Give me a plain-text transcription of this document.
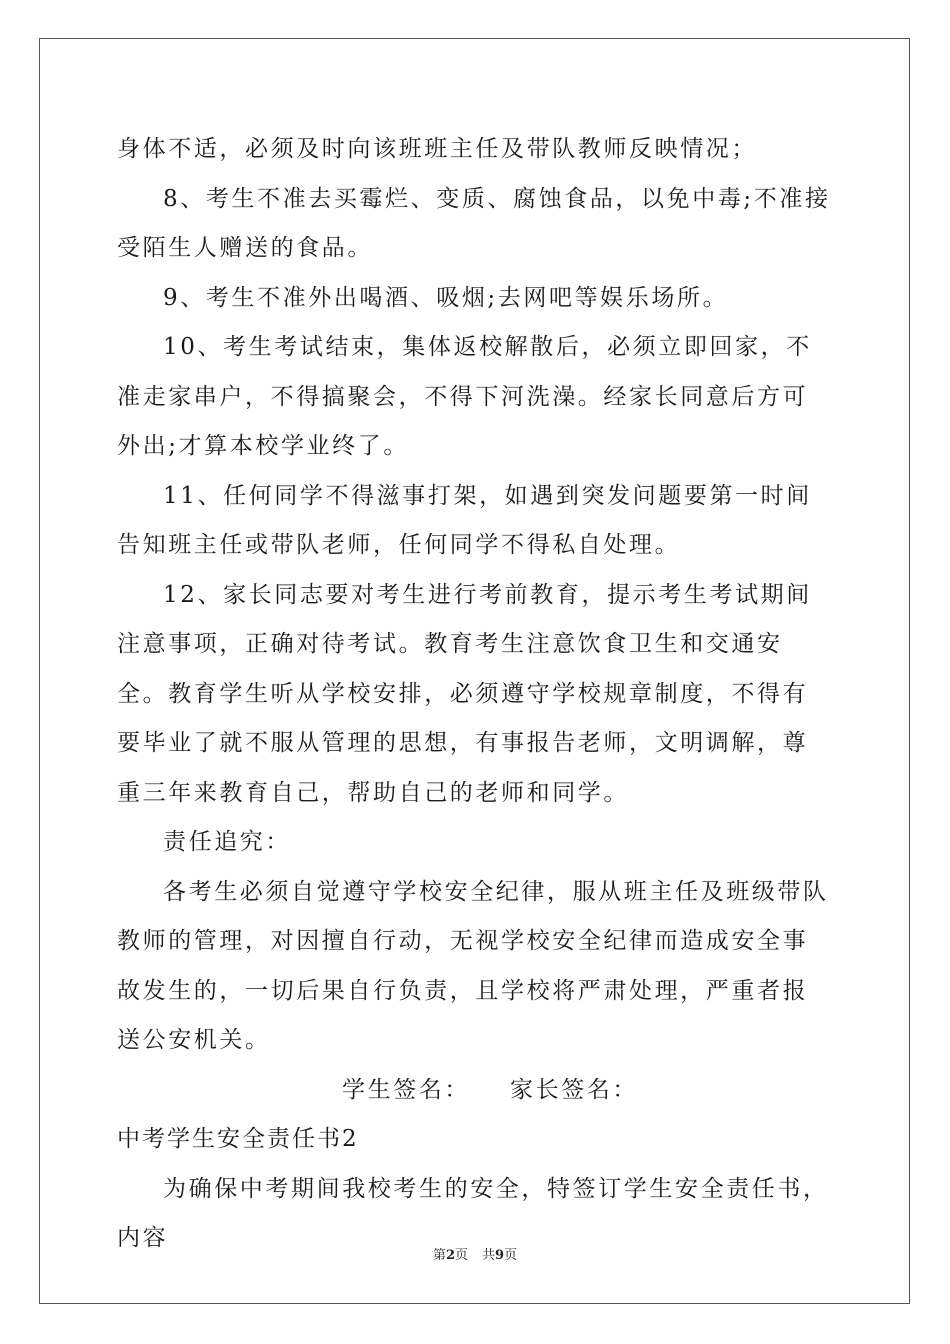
身体不适，必须及时向该班班主任及带队教师反映情况；

8、考生不准去买霉烂、变质、腐蚀食品，以免中毒;不准接受陌生人赠送的食品。

9、考生不准外出喝酒、吸烟;去网吧等娱乐场所。

10、考生考试结束，集体返校解散后，必须立即回家，不准走家串户，不得搞聚会，不得下河洗澡。经家长同意后方可外出;才算本校学业终了。

11、任何同学不得滋事打架，如遇到突发问题要第一时间告知班主任或带队老师，任何同学不得私自处理。

12、家长同志要对考生进行考前教育，提示考生考试期间注意事项，正确对待考试。教育考生注意饮食卫生和交通安全。教育学生听从学校安排，必须遵守学校规章制度，不得有要毕业了就不服从管理的思想，有事报告老师，文明调解，尊重三年来教育自己，帮助自己的老师和同学。

责任追究：

各考生必须自觉遵守学校安全纪律，服从班主任及班级带队教师的管理，对因擅自行动，无视学校安全纪律而造成安全事故发生的，一切后果自行负责，且学校将严肃处理，严重者报送公安机关。

学生签名： 家长签名：

中考学生安全责任书2

为确保中考期间我校考生的安全，特签订学生安全责任书，内容

第2页 共9页
